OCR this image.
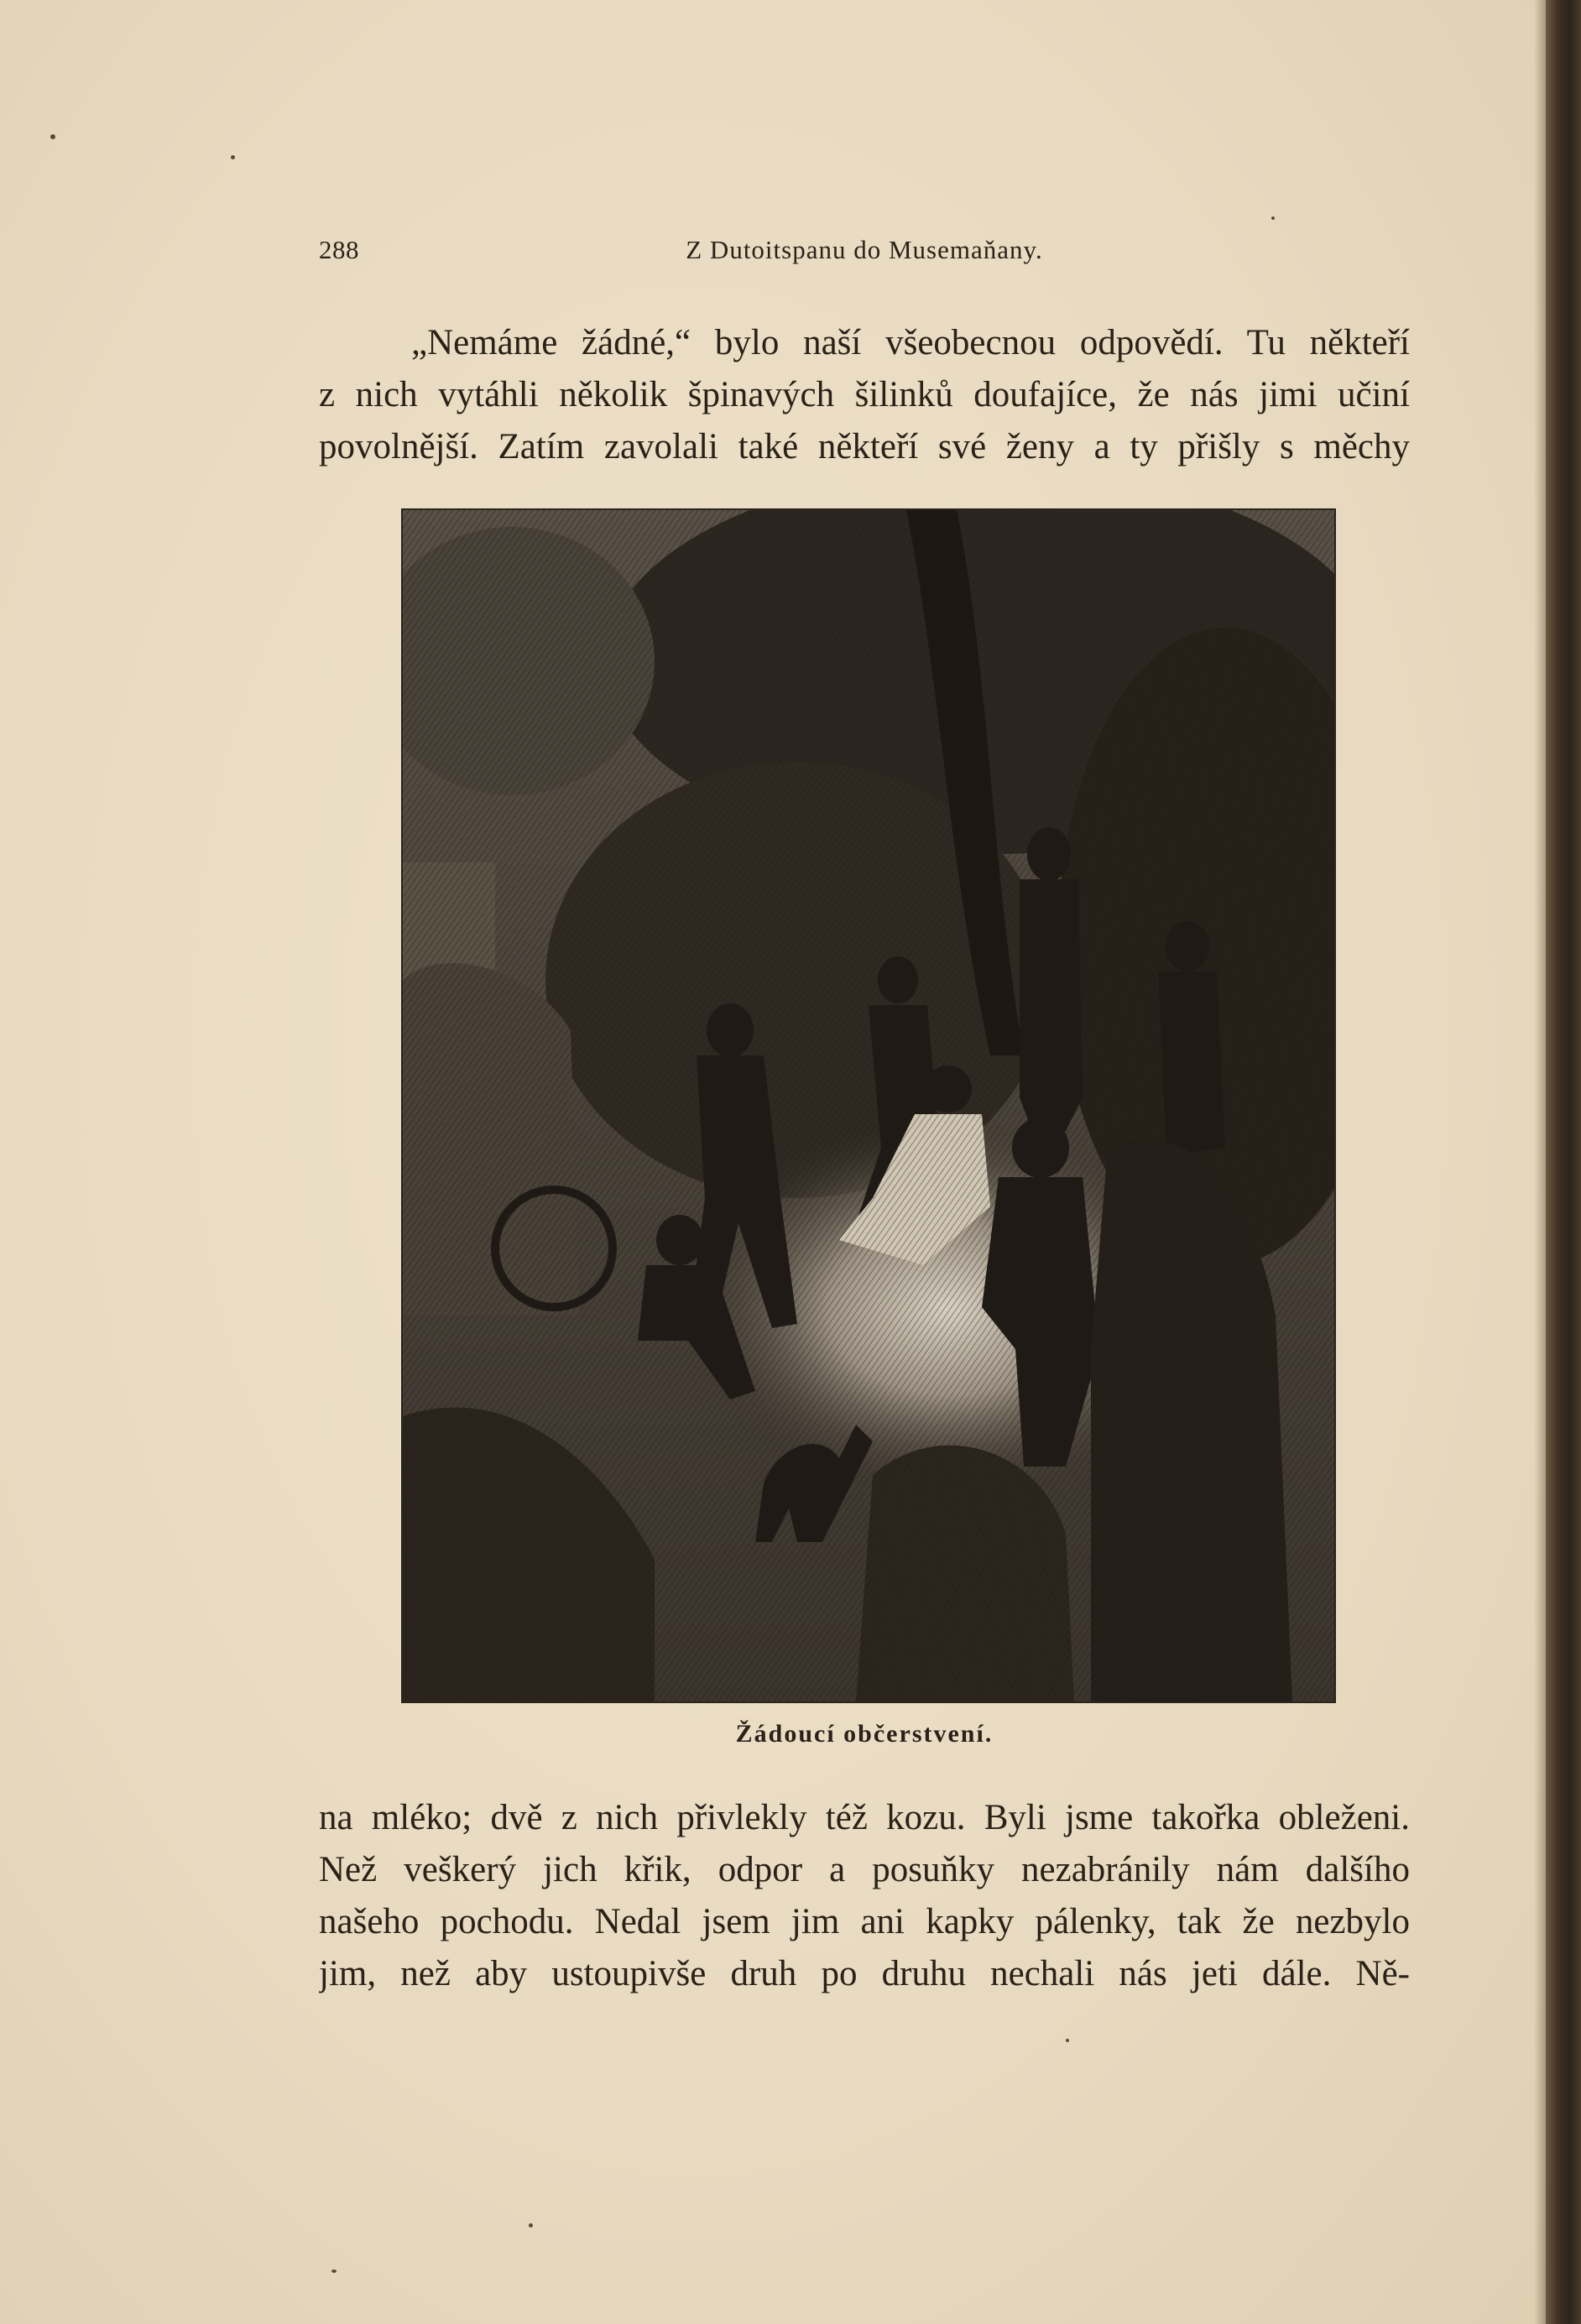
288	Z Dutoitspanu do Musemaňany.
„Nemáme žádné,“ bylo naší všeobecnou odpovědí. Tu někteří
z nich vytáhli několik špinavých šilinků doufajíce, že nás jimi učiní
povolnější. Zatím zavolali také někteří své ženy a ty přišly s měchy
Žádoucí občerstvení.
na mléko; dvě z nich přivlekly též kozu. Byli jsme takořka obleženi.
Než veškerý jich křik, odpor a posuňky nezabránily nám dalšího
našeho pochodu. Nedal jsem jim ani kapky pálenky, tak že nezbylo
jim, než aby ustoupivše druh po druhu nechali nás jeti dále. Ně-
